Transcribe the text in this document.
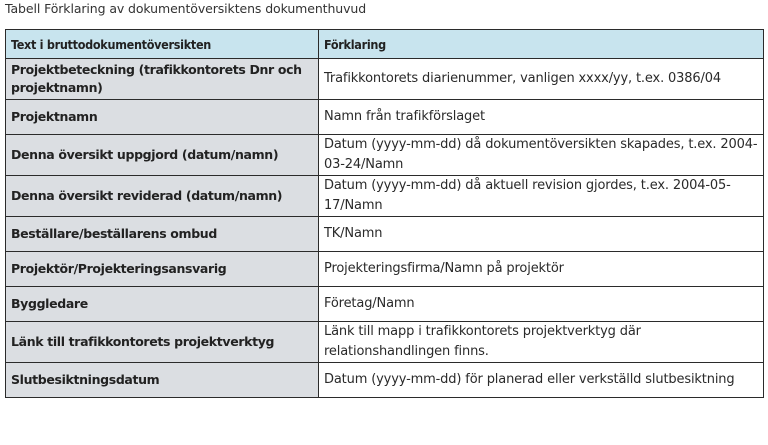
Tabell Förklaring av dokumentöversiktens dokumenthuvud
Text i bruttodokumentöversikten	Förklaring
Projektbeteckning (trafikkontorets Dnr och projektnamn)	Trafikkontorets diarienummer, vanligen xxxx/yy, t.ex. 0386/04
Projektnamn	Namn från trafikförslaget
Denna översikt uppgjord (datum/namn)	Datum (yyyy-mm-dd) då dokumentöversikten skapades, t.ex. 2004-03-24/Namn
Denna översikt reviderad (datum/namn)	Datum (yyyy-mm-dd) då aktuell revision gjordes, t.ex. 2004-05-17/Namn
Beställare/beställarens ombud	TK/Namn
Projektör/Projekteringsansvarig	Projekteringsfirma/Namn på projektör
Byggledare	Företag/Namn
Länk till trafikkontorets projektverktyg	Länk till mapp i trafikkontorets projektverktyg där relationshandlingen finns.
Slutbesiktningsdatum	Datum (yyyy-mm-dd) för planerad eller verkställd slutbesiktning
